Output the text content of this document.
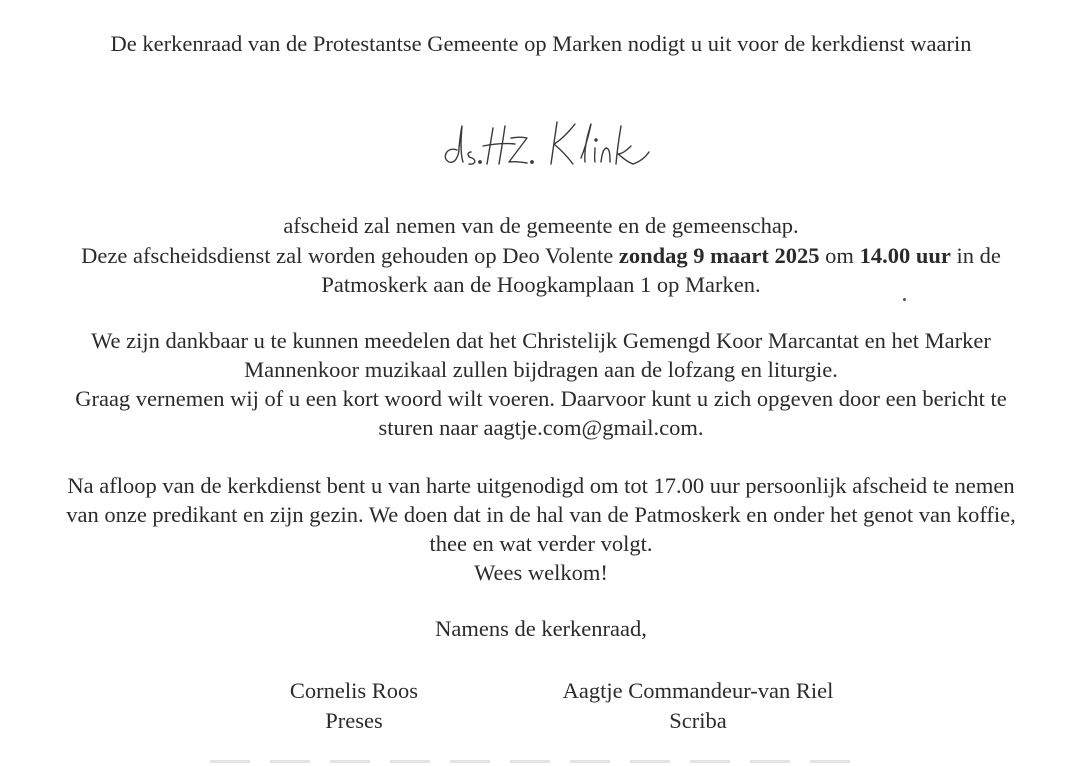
De kerkenraad van de Protestantse Gemeente op Marken nodigt u uit voor de kerkdienst waarin
afscheid zal nemen van de gemeente en de gemeenschap.
Deze afscheidsdienst zal worden gehouden op Deo Volente zondag 9 maart 2025 om 14.00 uur in de
Patmoskerk aan de Hoogkamplaan 1 op Marken.
We zijn dankbaar u te kunnen meedelen dat het Christelijk Gemengd Koor Marcantat en het Marker
Mannenkoor muzikaal zullen bijdragen aan de lofzang en liturgie.
Graag vernemen wij of u een kort woord wilt voeren. Daarvoor kunt u zich opgeven door een bericht te
sturen naar aagtje.com@gmail.com.
Na afloop van de kerkdienst bent u van harte uitgenodigd om tot 17.00 uur persoonlijk afscheid te nemen
van onze predikant en zijn gezin. We doen dat in de hal van de Patmoskerk en onder het genot van koffie,
thee en wat verder volgt.
Wees welkom!
Namens de kerkenraad,
Cornelis Roos
Preses
Aagtje Commandeur-van Riel
Scriba
